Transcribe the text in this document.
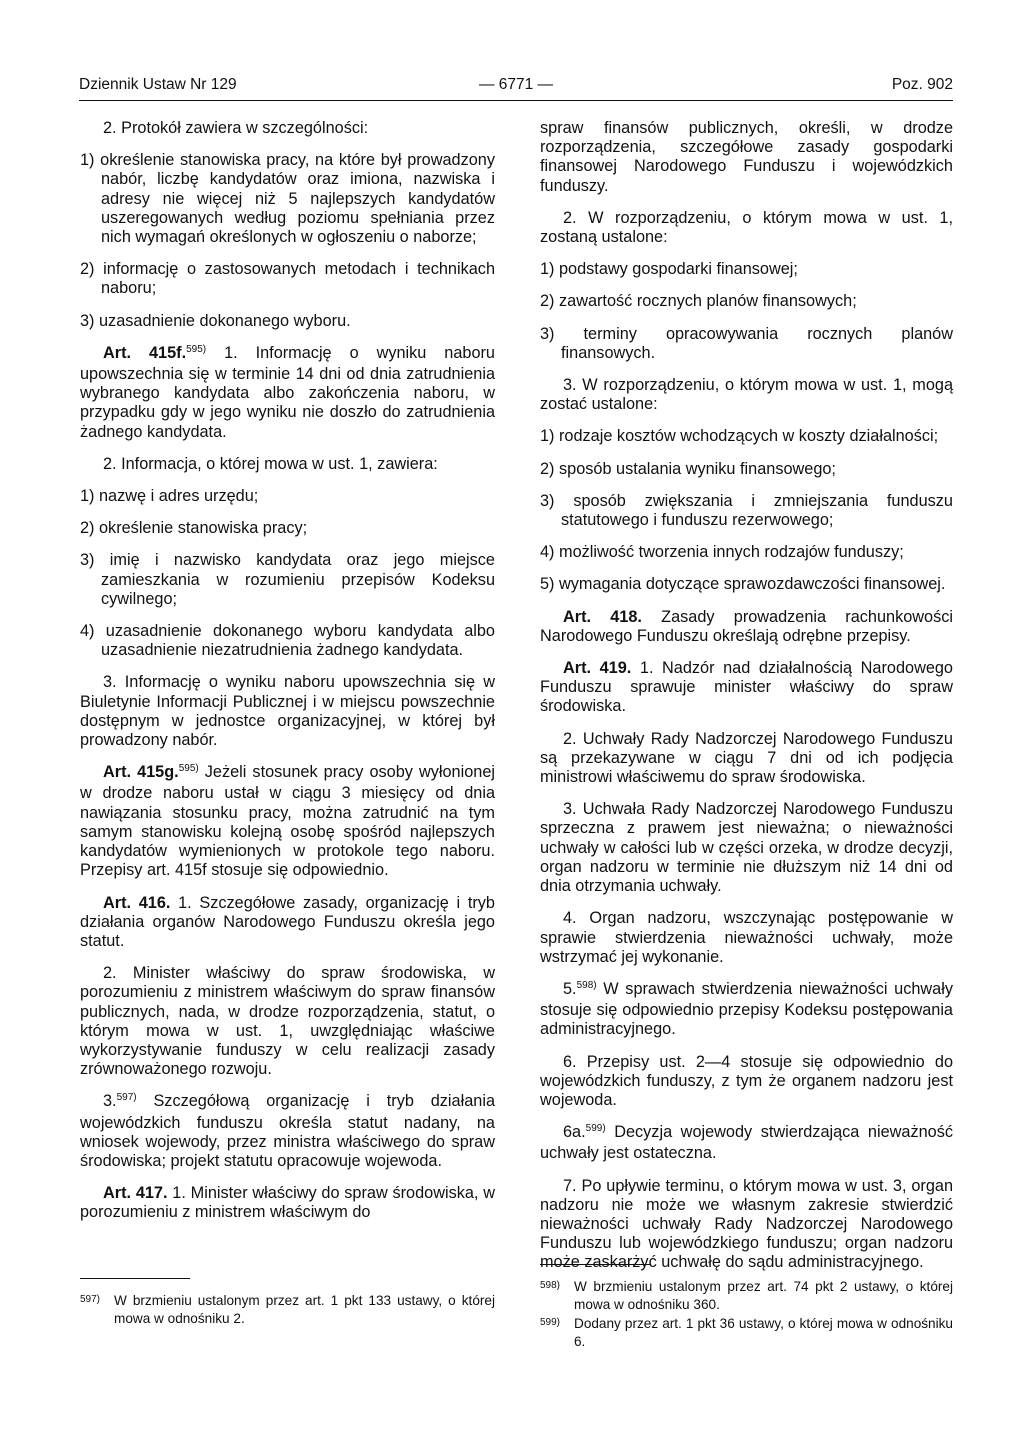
Dziennik Ustaw Nr 129	— 6771 —	Poz. 902

2. Protokół zawiera w szczególności:

1) określenie stanowiska pracy, na które był prowadzony nabór, liczbę kandydatów oraz imiona, nazwiska i adresy nie więcej niż 5 najlepszych kandydatów uszeregowanych według poziomu spełniania przez nich wymagań określonych w ogłoszeniu o naborze;

2) informację o zastosowanych metodach i technikach naboru;

3) uzasadnienie dokonanego wyboru.

Art. 415f.$^{595)}$ 1. Informację o wyniku naboru upowszechnia się w terminie 14 dni od dnia zatrudnienia wybranego kandydata albo zakończenia naboru, w przypadku gdy w jego wyniku nie doszło do zatrudnienia żadnego kandydata.

2. Informacja, o której mowa w ust. 1, zawiera:

1) nazwę i adres urzędu;

2) określenie stanowiska pracy;

3) imię i nazwisko kandydata oraz jego miejsce zamieszkania w rozumieniu przepisów Kodeksu cywilnego;

4) uzasadnienie dokonanego wyboru kandydata albo uzasadnienie niezatrudnienia żadnego kandydata.

3. Informację o wyniku naboru upowszechnia się w Biuletynie Informacji Publicznej i w miejscu powszechnie dostępnym w jednostce organizacyjnej, w której był prowadzony nabór.

Art. 415g.$^{595)}$ Jeżeli stosunek pracy osoby wyłonionej w drodze naboru ustał w ciągu 3 miesięcy od dnia nawiązania stosunku pracy, można zatrudnić na tym samym stanowisku kolejną osobę spośród najlepszych kandydatów wymienionych w protokole tego naboru. Przepisy art. 415f stosuje się odpowiednio.

Art. 416. 1. Szczegółowe zasady, organizację i tryb działania organów Narodowego Funduszu określa jego statut.

2. Minister właściwy do spraw środowiska, w porozumieniu z ministrem właściwym do spraw finansów publicznych, nada, w drodze rozporządzenia, statut, o którym mowa w ust. 1, uwzględniając właściwe wykorzystywanie funduszy w celu realizacji zasady zrównoważonego rozwoju.

3.$^{597)}$ Szczegółową organizację i tryb działania wojewódzkich funduszu określa statut nadany, na wniosek wojewody, przez ministra właściwego do spraw środowiska; projekt statutu opracowuje wojewoda.

Art. 417. 1. Minister właściwy do spraw środowiska, w porozumieniu z ministrem właściwym do

spraw finansów publicznych, określi, w drodze rozporządzenia, szczegółowe zasady gospodarki finansowej Narodowego Funduszu i wojewódzkich funduszy.

2. W rozporządzeniu, o którym mowa w ust. 1, zostaną ustalone:

1) podstawy gospodarki finansowej;

2) zawartość rocznych planów finansowych;

3) terminy opracowywania rocznych planów finansowych.

3. W rozporządzeniu, o którym mowa w ust. 1, mogą zostać ustalone:

1) rodzaje kosztów wchodzących w koszty działalności;

2) sposób ustalania wyniku finansowego;

3) sposób zwiększania i zmniejszania funduszu statutowego i funduszu rezerwowego;

4) możliwość tworzenia innych rodzajów funduszy;

5) wymagania dotyczące sprawozdawczości finansowej.

Art. 418. Zasady prowadzenia rachunkowości Narodowego Funduszu określają odrębne przepisy.

Art. 419. 1. Nadzór nad działalnością Narodowego Funduszu sprawuje minister właściwy do spraw środowiska.

2. Uchwały Rady Nadzorczej Narodowego Funduszu są przekazywane w ciągu 7 dni od ich podjęcia ministrowi właściwemu do spraw środowiska.

3. Uchwała Rady Nadzorczej Narodowego Funduszu sprzeczna z prawem jest nieważna; o nieważności uchwały w całości lub w części orzeka, w drodze decyzji, organ nadzoru w terminie nie dłuższym niż 14 dni od dnia otrzymania uchwały.

4. Organ nadzoru, wszczynając postępowanie w sprawie stwierdzenia nieważności uchwały, może wstrzymać jej wykonanie.

5.$^{598)}$ W sprawach stwierdzenia nieważności uchwały stosuje się odpowiednio przepisy Kodeksu postępowania administracyjnego.

6. Przepisy ust. 2—4 stosuje się odpowiednio do wojewódzkich funduszy, z tym że organem nadzoru jest wojewoda.

6a.$^{599)}$ Decyzja wojewody stwierdzająca nieważność uchwały jest ostateczna.

7. Po upływie terminu, o którym mowa w ust. 3, organ nadzoru nie może we własnym zakresie stwierdzić nieważności uchwały Rady Nadzorczej Narodowego Funduszu lub wojewódzkiego funduszu; organ nadzoru może zaskarżyć uchwałę do sądu administracyjnego.

$^{597)}$ W brzmieniu ustalonym przez art. 1 pkt 133 ustawy, o której mowa w odnośniku 2.

$^{598)}$ W brzmieniu ustalonym przez art. 74 pkt 2 ustawy, o której mowa w odnośniku 360.

$^{599)}$ Dodany przez art. 1 pkt 36 ustawy, o której mowa w odnośniku 6.
